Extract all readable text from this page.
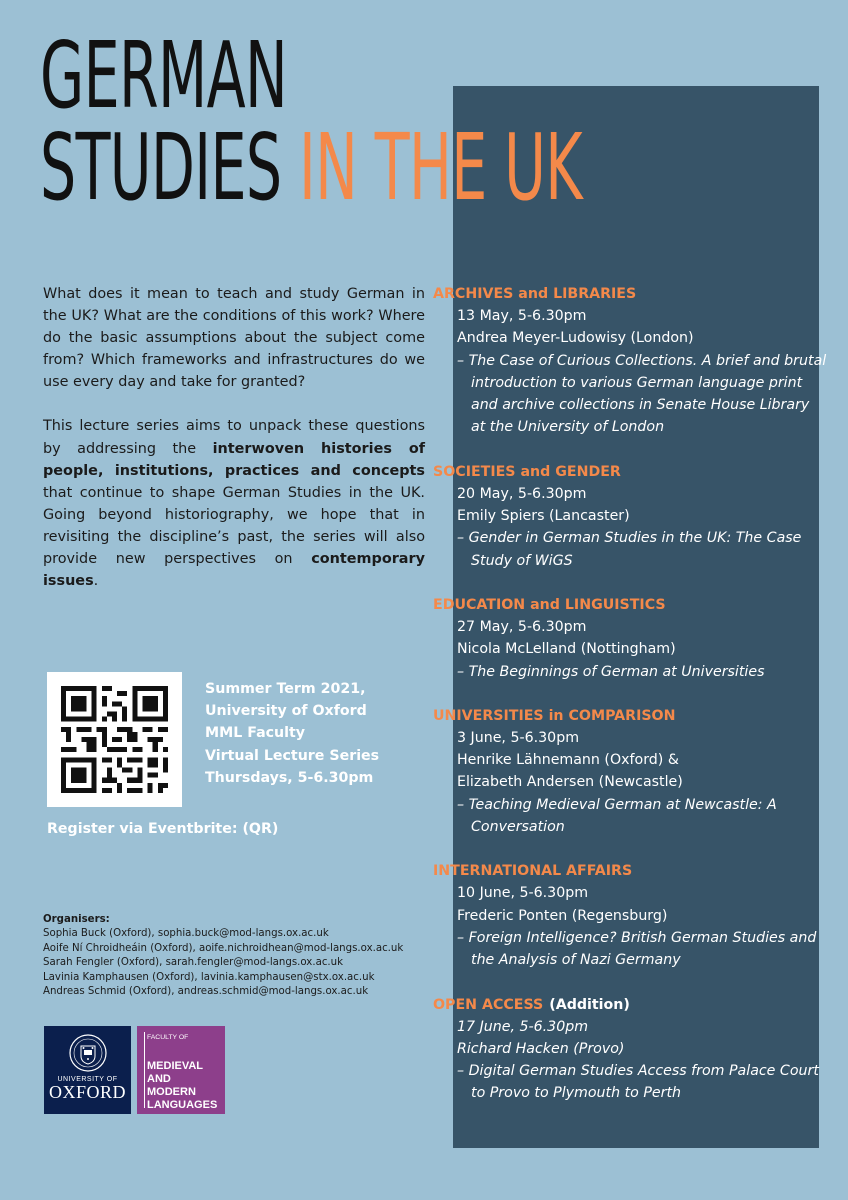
GERMAN
STUDIES IN THE UK

What does it mean to teach and study German in the UK? What are the conditions of this work? Where do the basic assumptions about the subject come from? Which frameworks and infrastructures do we use every day and take for granted?

This lecture series aims to unpack these questions by addressing the interwoven histories of people, institutions, practices and concepts that continue to shape German Studies in the UK. Going beyond historiography, we hope that in revisiting the discipline’s past, the series will also provide new perspectives on contemporary issues.

Summer Term 2021,
University of Oxford
MML Faculty
Virtual Lecture Series
Thursdays, 5-6.30pm
Register via Eventbrite: (QR)
Organisers:
Sophia Buck (Oxford), sophia.buck@mod-langs.ox.ac.uk
Aoife Ní Chroidheáin (Oxford), aoife.nichroidhean@mod-langs.ox.ac.uk
Sarah Fengler (Oxford), sarah.fengler@mod-langs.ox.ac.uk
Lavinia Kamphausen (Oxford), lavinia.kamphausen@stx.ox.ac.uk
Andreas Schmid (Oxford), andreas.schmid@mod-langs.ox.ac.uk
UNIVERSITY OF
OXFORD
FACULTY OF
MEDIEVAL
AND
MODERN
LANGUAGES
ARCHIVES and LIBRARIES
13 May, 5-6.30pm
Andrea Meyer-Ludowisy (London)
– The Case of Curious Collections. A brief and brutal introduction to various German language print and archive collections in Senate House Library at the University of London
SOCIETIES and GENDER
20 May, 5-6.30pm
Emily Spiers (Lancaster)
– Gender in German Studies in the UK: The Case Study of WiGS
EDUCATION and LINGUISTICS
27 May, 5-6.30pm
Nicola McLelland (Nottingham)
– The Beginnings of German at Universities
UNIVERSITIES in COMPARISON
3 June, 5-6.30pm
Henrike Lähnemann (Oxford) &
Elizabeth Andersen (Newcastle)
– Teaching Medieval German at Newcastle: A Conversation
INTERNATIONAL AFFAIRS
10 June, 5-6.30pm
Frederic Ponten (Regensburg)
– Foreign Intelligence? British German Studies and the Analysis of Nazi Germany
OPEN ACCESS (Addition)
17 June, 5-6.30pm
Richard Hacken (Provo)
– Digital German Studies Access from Palace Court to Provo to Plymouth to Perth
